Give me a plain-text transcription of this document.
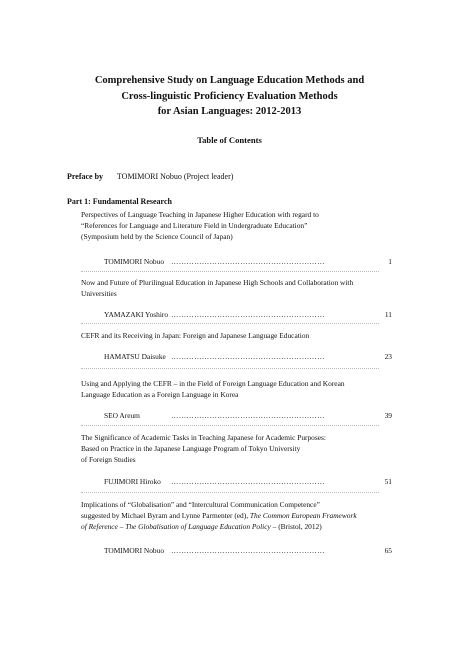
Comprehensive Study on Language Education Methods and
Cross-linguistic Proficiency Evaluation Methods
for Asian Languages: 2012-2013
Table of Contents
Preface by TOMIMORI Nobuo (Project leader)
Part 1: Fundamental Research
Perspectives of Language Teaching in Japanese Higher Education with regard to
“References for Language and Literature Field in Undergraduate Education”
(Symposium held by the Science Council of Japan)
TOMIMORI Nobuo ……………………………………………………	1
Now and Future of Plurilingual Education in Japanese High Schools and Collaboration with
Universities
YAMAZAKI Yoshiro ……………………………………………………	11
CEFR and its Receiving in Japan: Foreign and Japanese Language Education
HAMATSU Daisuke ……………………………………………………	23
Using and Applying the CEFR – in the Field of Foreign Language Education and Korean
Language Education as a Foreign Language in Korea
SEO Areum	……………………………………………………	39
The Significance of Academic Tasks in Teaching Japanese for Academic Purposes:
Based on Practice in the Japanese Language Program of Tokyo University
of Foreign Studies
FUJIMORI Hiroko ……………………………………………………	51
Implications of “Globalisation” and “Intercultural Communication Competence”
suggested by Michael Byram and Lynne Parmenter (ed), The Common European Framework
of Reference – The Globalisation of Language Education Policy – (Bristol, 2012)
TOMIMORI Nobuo ……………………………………………………	65
